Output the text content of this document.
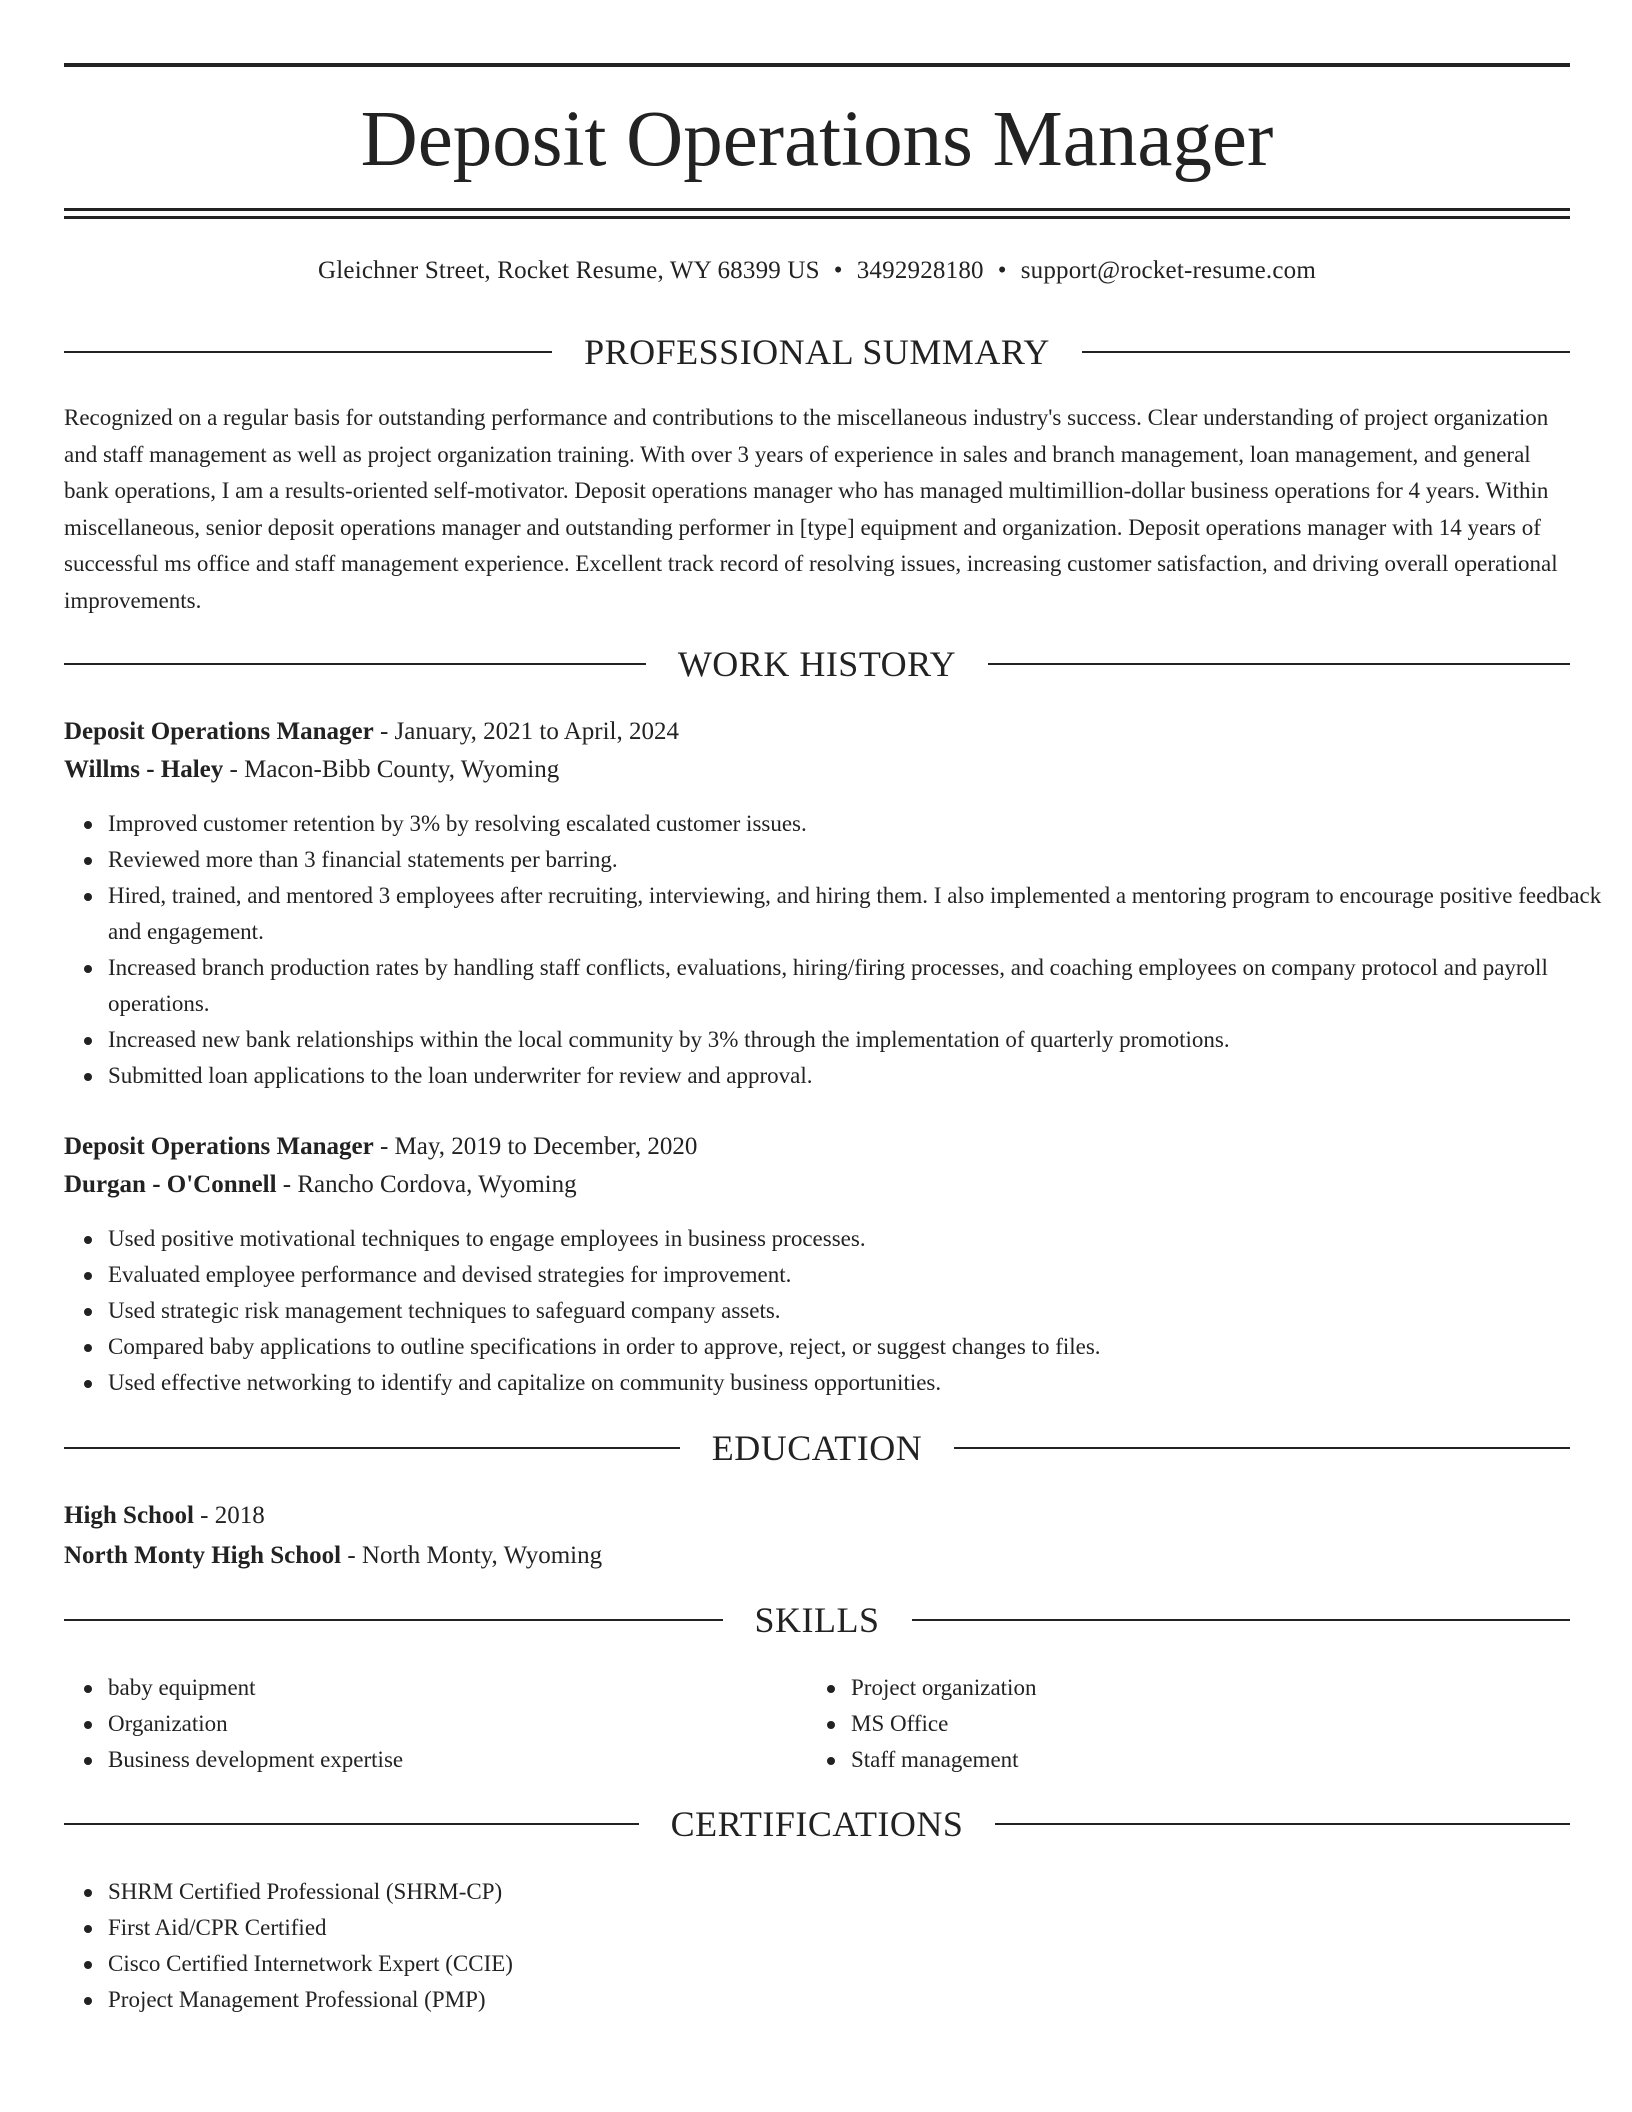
Deposit Operations Manager
Gleichner Street, Rocket Resume, WY 68399 US • 3492928180 • support@rocket-resume.com
PROFESSIONAL SUMMARY

Recognized on a regular basis for outstanding performance and contributions to the miscellaneous industry's success. Clear understanding of project organization and staff management as well as project organization training. With over 3 years of experience in sales and branch management, loan management, and general bank operations, I am a results-oriented self-motivator. Deposit operations manager who has managed multimillion-dollar business operations for 4 years. Within miscellaneous, senior deposit operations manager and outstanding performer in [type] equipment and organization. Deposit operations manager with 14 years of successful ms office and staff management experience. Excellent track record of resolving issues, increasing customer satisfaction, and driving overall operational improvements.

WORK HISTORY
Deposit Operations Manager - January, 2021 to April, 2024
Willms - Haley - Macon-Bibb County, Wyoming
Improved customer retention by 3% by resolving escalated customer issues.
Reviewed more than 3 financial statements per barring.
Hired, trained, and mentored 3 employees after recruiting, interviewing, and hiring them. I also implemented a mentoring program to encourage positive feedback and engagement.
Increased branch production rates by handling staff conflicts, evaluations, hiring/firing processes, and coaching employees on company protocol and payroll operations.
Increased new bank relationships within the local community by 3% through the implementation of quarterly promotions.
Submitted loan applications to the loan underwriter for review and approval.
Deposit Operations Manager - May, 2019 to December, 2020
Durgan - O'Connell - Rancho Cordova, Wyoming
Used positive motivational techniques to engage employees in business processes.
Evaluated employee performance and devised strategies for improvement.
Used strategic risk management techniques to safeguard company assets.
Compared baby applications to outline specifications in order to approve, reject, or suggest changes to files.
Used effective networking to identify and capitalize on community business opportunities.
EDUCATION
High School - 2018
North Monty High School - North Monty, Wyoming
SKILLS
baby equipment
Organization
Business development expertise
Project organization
MS Office
Staff management
CERTIFICATIONS
SHRM Certified Professional (SHRM-CP)
First Aid/CPR Certified
Cisco Certified Internetwork Expert (CCIE)
Project Management Professional (PMP)
